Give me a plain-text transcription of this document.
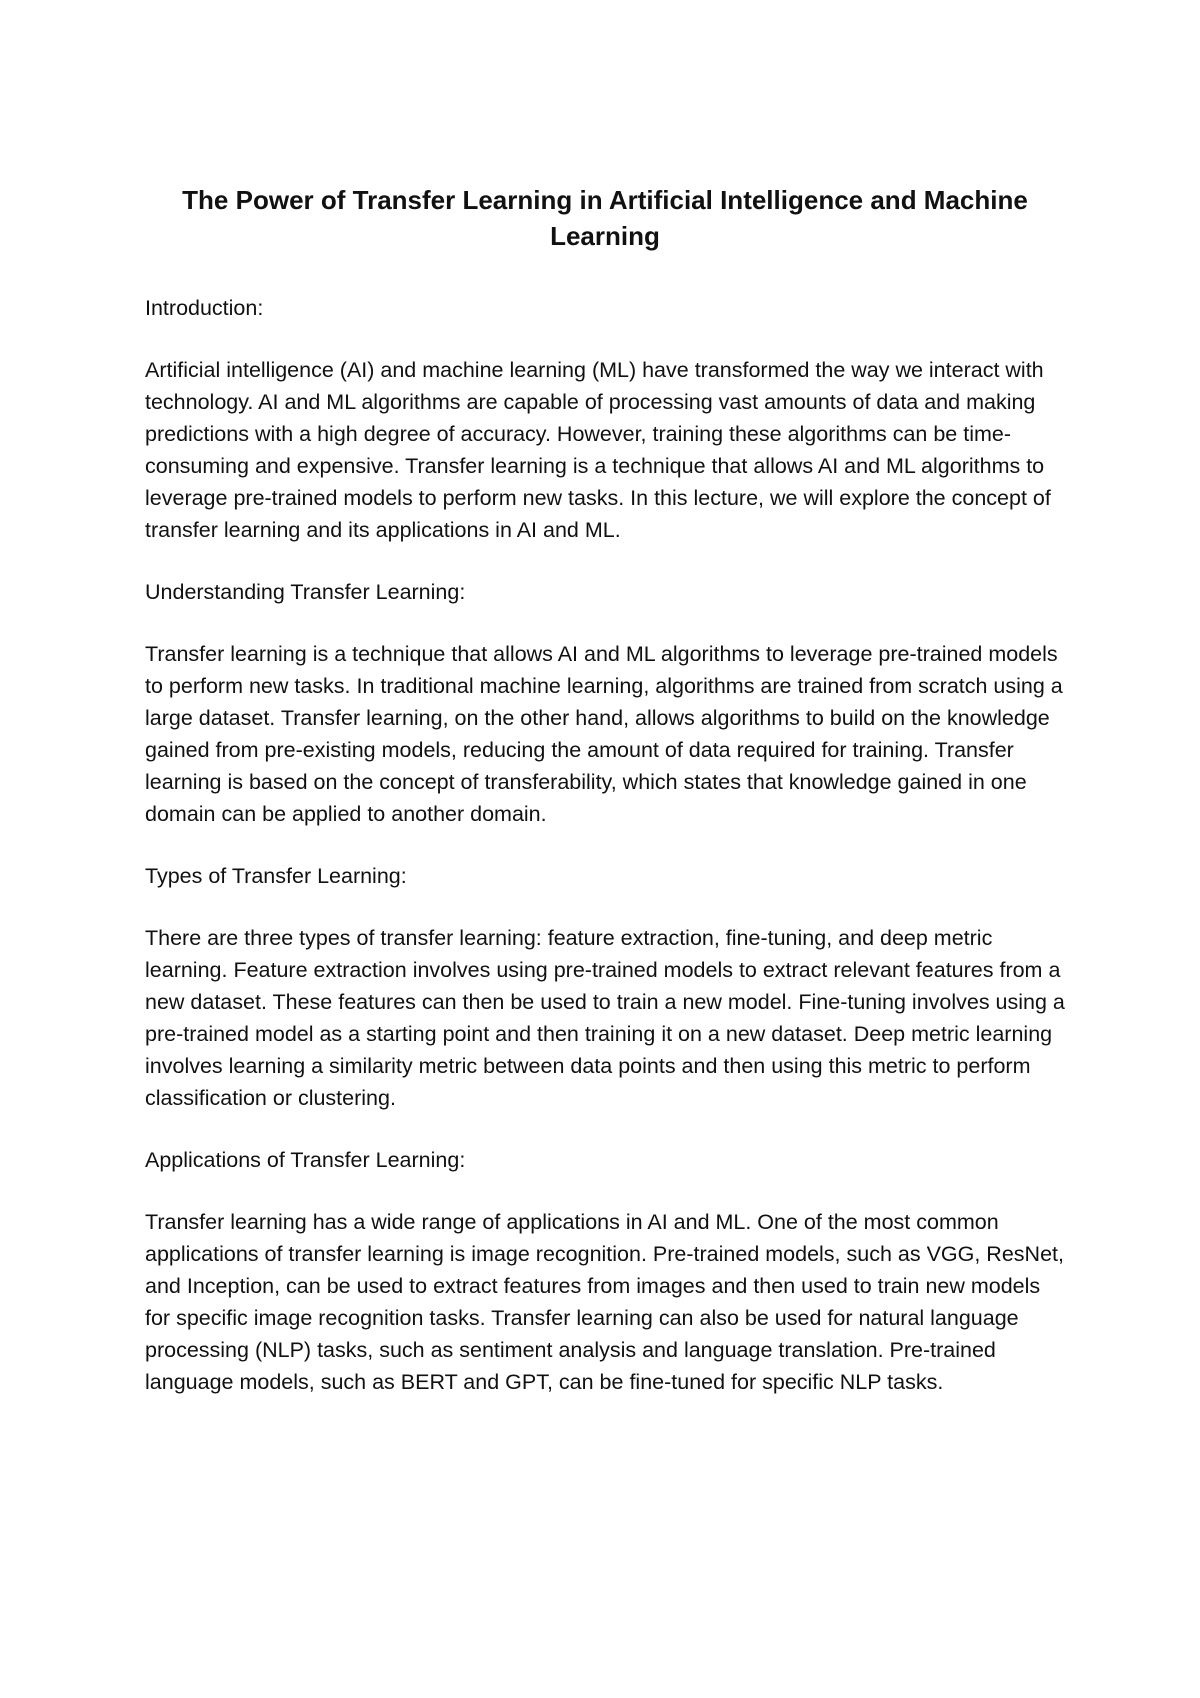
The Power of Transfer Learning in Artificial Intelligence and Machine Learning
Introduction:

Artificial intelligence (AI) and machine learning (ML) have transformed the way we interact with technology. AI and ML algorithms are capable of processing vast amounts of data and making predictions with a high degree of accuracy. However, training these algorithms can be time-consuming and expensive. Transfer learning is a technique that allows AI and ML algorithms to leverage pre-trained models to perform new tasks. In this lecture, we will explore the concept of transfer learning and its applications in AI and ML.

Understanding Transfer Learning:

Transfer learning is a technique that allows AI and ML algorithms to leverage pre-trained models to perform new tasks. In traditional machine learning, algorithms are trained from scratch using a large dataset. Transfer learning, on the other hand, allows algorithms to build on the knowledge gained from pre-existing models, reducing the amount of data required for training. Transfer learning is based on the concept of transferability, which states that knowledge gained in one domain can be applied to another domain.

Types of Transfer Learning:

There are three types of transfer learning: feature extraction, fine-tuning, and deep metric learning. Feature extraction involves using pre-trained models to extract relevant features from a new dataset. These features can then be used to train a new model. Fine-tuning involves using a pre-trained model as a starting point and then training it on a new dataset. Deep metric learning involves learning a similarity metric between data points and then using this metric to perform classification or clustering.

Applications of Transfer Learning:

Transfer learning has a wide range of applications in AI and ML. One of the most common applications of transfer learning is image recognition. Pre-trained models, such as VGG, ResNet, and Inception, can be used to extract features from images and then used to train new models for specific image recognition tasks. Transfer learning can also be used for natural language processing (NLP) tasks, such as sentiment analysis and language translation. Pre-trained language models, such as BERT and GPT, can be fine-tuned for specific NLP tasks.
